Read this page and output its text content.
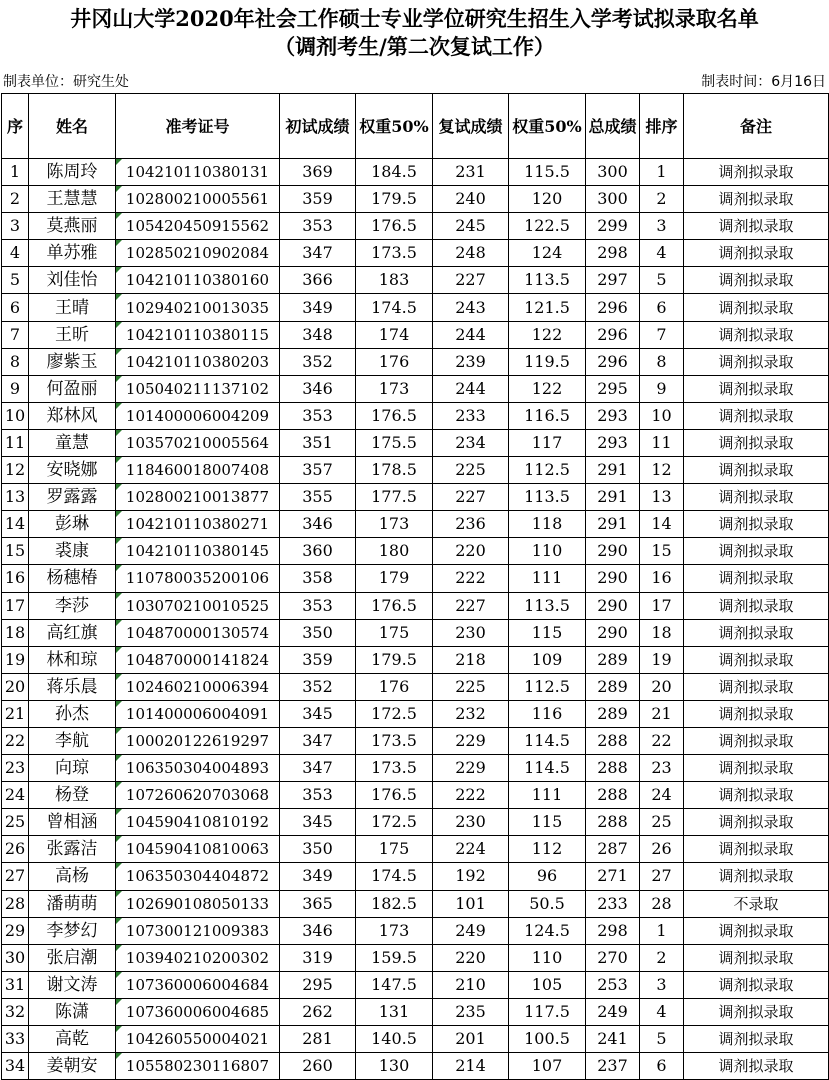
井冈山大学2020年社会工作硕士专业学位研究生招生入学考试拟录取名单
（调剂考生/第二次复试工作）
制表单位：研究生处	制表时间：6月16日
序	姓名	准考证号	初试成绩	权重50%	复试成绩	权重50%	总成绩	排序	备注
1	陈周玲	104210110380131	369	184.5	231	115.5	300	1	调剂拟录取
2	王慧慧	102800210005561	359	179.5	240	120	300	2	调剂拟录取
3	莫燕丽	105420450915562	353	176.5	245	122.5	299	3	调剂拟录取
4	单苏雅	102850210902084	347	173.5	248	124	298	4	调剂拟录取
5	刘佳怡	104210110380160	366	183	227	113.5	297	5	调剂拟录取
6	王晴	102940210013035	349	174.5	243	121.5	296	6	调剂拟录取
7	王昕	104210110380115	348	174	244	122	296	7	调剂拟录取
8	廖紫玉	104210110380203	352	176	239	119.5	296	8	调剂拟录取
9	何盈丽	105040211137102	346	173	244	122	295	9	调剂拟录取
10	郑林风	101400006004209	353	176.5	233	116.5	293	10	调剂拟录取
11	童慧	103570210005564	351	175.5	234	117	293	11	调剂拟录取
12	安晓娜	118460018007408	357	178.5	225	112.5	291	12	调剂拟录取
13	罗露露	102800210013877	355	177.5	227	113.5	291	13	调剂拟录取
14	彭琳	104210110380271	346	173	236	118	291	14	调剂拟录取
15	裘康	104210110380145	360	180	220	110	290	15	调剂拟录取
16	杨穗椿	110780035200106	358	179	222	111	290	16	调剂拟录取
17	李莎	103070210010525	353	176.5	227	113.5	290	17	调剂拟录取
18	高红旗	104870000130574	350	175	230	115	290	18	调剂拟录取
19	林和琼	104870000141824	359	179.5	218	109	289	19	调剂拟录取
20	蒋乐晨	102460210006394	352	176	225	112.5	289	20	调剂拟录取
21	孙杰	101400006004091	345	172.5	232	116	289	21	调剂拟录取
22	李航	100020122619297	347	173.5	229	114.5	288	22	调剂拟录取
23	向琼	106350304004893	347	173.5	229	114.5	288	23	调剂拟录取
24	杨登	107260620703068	353	176.5	222	111	288	24	调剂拟录取
25	曾相涵	104590410810192	345	172.5	230	115	288	25	调剂拟录取
26	张露洁	104590410810063	350	175	224	112	287	26	调剂拟录取
27	高杨	106350304404872	349	174.5	192	96	271	27	调剂拟录取
28	潘萌萌	102690108050133	365	182.5	101	50.5	233	28	不录取
29	李梦幻	107300121009383	346	173	249	124.5	298	1	调剂拟录取
30	张启潮	103940210200302	319	159.5	220	110	270	2	调剂拟录取
31	谢文涛	107360006004684	295	147.5	210	105	253	3	调剂拟录取
32	陈潇	107360006004685	262	131	235	117.5	249	4	调剂拟录取
33	高乾	104260550004021	281	140.5	201	100.5	241	5	调剂拟录取
34	姜朝安	105580230116807	260	130	214	107	237	6	调剂拟录取
